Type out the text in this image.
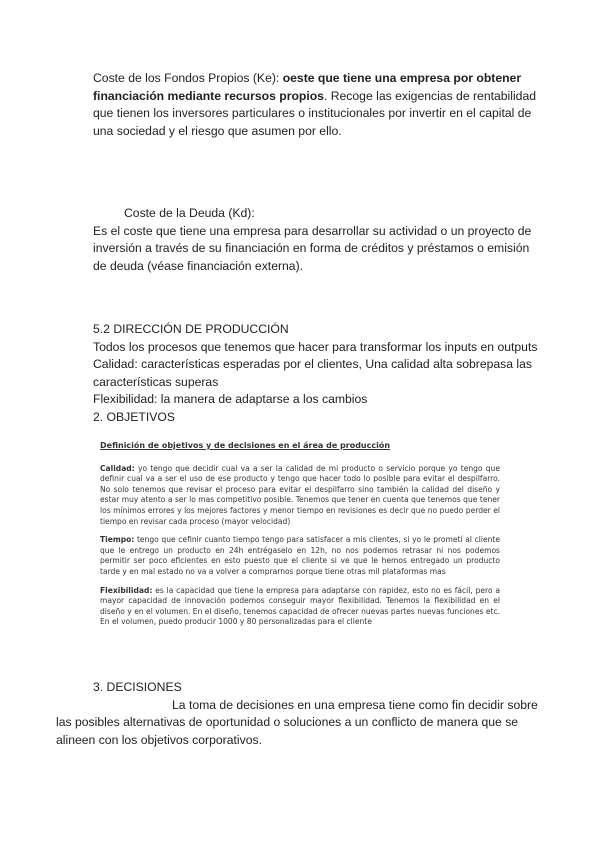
Coste de los Fondos Propios (Ke): oeste que tiene una empresa por obtener financiación mediante recursos propios. Recoge las exigencias de rentabilidad que tienen los inversores particulares o institucionales por invertir en el capital de una sociedad y el riesgo que asumen por ello.

Coste de la Deuda (Kd):

Es el coste que tiene una empresa para desarrollar su actividad o un proyecto de inversión a través de su financiación en forma de créditos y préstamos o emisión de deuda (véase financiación externa).

5.2 DIRECCIÓN DE PRODUCCIÓN

Todos los procesos que tenemos que hacer para transformar los inputs en outputs

Calidad: características esperadas por el clientes, Una calidad alta sobrepasa las características superas

Flexibilidad: la manera de adaptarse a los cambios

2. OBJETIVOS

Definición de objetivos y de decisiones en el área de producción
Calidad: yo tengo que decidir cual va a ser la calidad de mi producto o servicio porque yo tengo que definir cual va a ser el uso de ese producto y tengo que hacer todo lo posible para evitar el despilfarro. No solo tenemos que revisar el proceso para evitar el despilfarro sino también la calidad del diseño y estar muy atento a ser lo mas competitivo posible. Tenemos que tener en cuenta que tenemos que tener los mínimos errores y los mejores factores y menor tiempo en revisiones es decir que no puedo perder el tiempo en revisar cada proceso (mayor velocidad)
Tiempo: tengo que cefinir cuanto tiempo tengo para satisfacer a mis clientes, si yo le prometí al cliente que le entrego un producto en 24h entrégaselo en 12h, no nos podemos retrasar ni nos podemos permitir ser poco eficientes en esto puesto que el cliente si ve que le hemos entregado un producto tarde y en mal estado no va a volver a comprarnos porque tiene otras mil plataformas mas
Flexibilidad: es la capacidad que tiene la empresa para adaptarse con rapidez, esto no es fácil, pero a mayor capacidad de innovación podemos conseguir mayor flexibilidad. Tenemos la flexibilidad en el diseño y en el volumen. En el diseño, tenemos capacidad de ofrecer nuevas partes nuevas funciones etc. En el volumen, puedo producir 1000 y 80 personalizadas para el cliente

3. DECISIONES

La toma de decisiones en una empresa tiene como fin decidir sobre las posibles alternativas de oportunidad o soluciones a un conflicto de manera que se alineen con los objetivos corporativos.
